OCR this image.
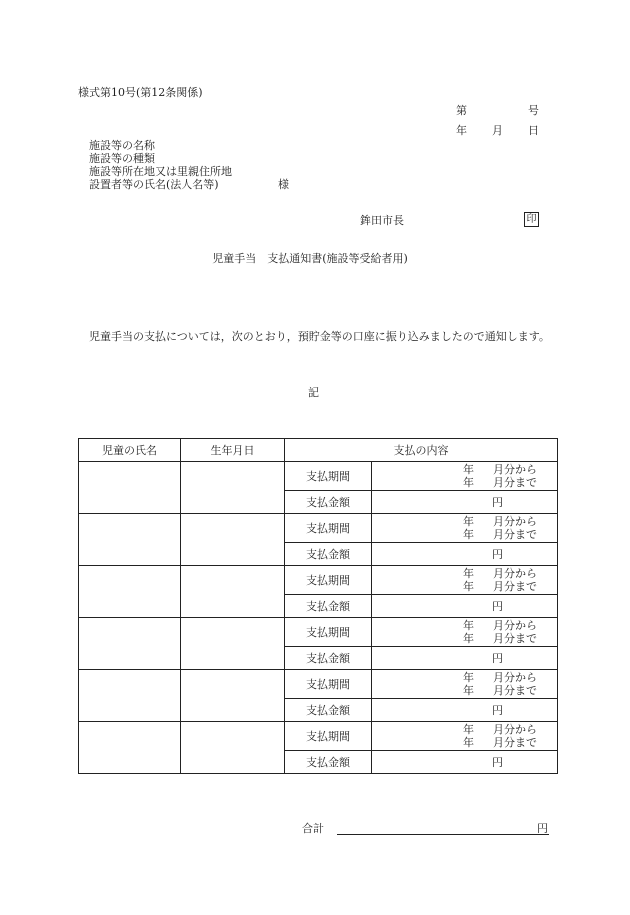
様式第10号(第12条関係)
第	号
年 月 日
施設等の名称
施設等の種類
施設等所在地又は里親住所地
設置者等の氏名(法人名等)	様
鉾田市長	印
児童手当　支払通知書(施設等受給者用)
児童手当の支払については，次のとおり，預貯金等の口座に振り込みましたので通知します。
記
児童の氏名	生年月日	支払の内容	
		支払期間	年 月分から
年 月分まで

		支払金額	円
		支払期間	年 月分から
年 月分まで

		支払金額	円
		支払期間	年 月分から
年 月分まで

		支払金額	円
		支払期間	年 月分から
年 月分まで

		支払金額	円
		支払期間	年 月分から
年 月分まで

		支払金額	円
		支払期間	年 月分から
年 月分まで

		支払金額	円
合計	円
